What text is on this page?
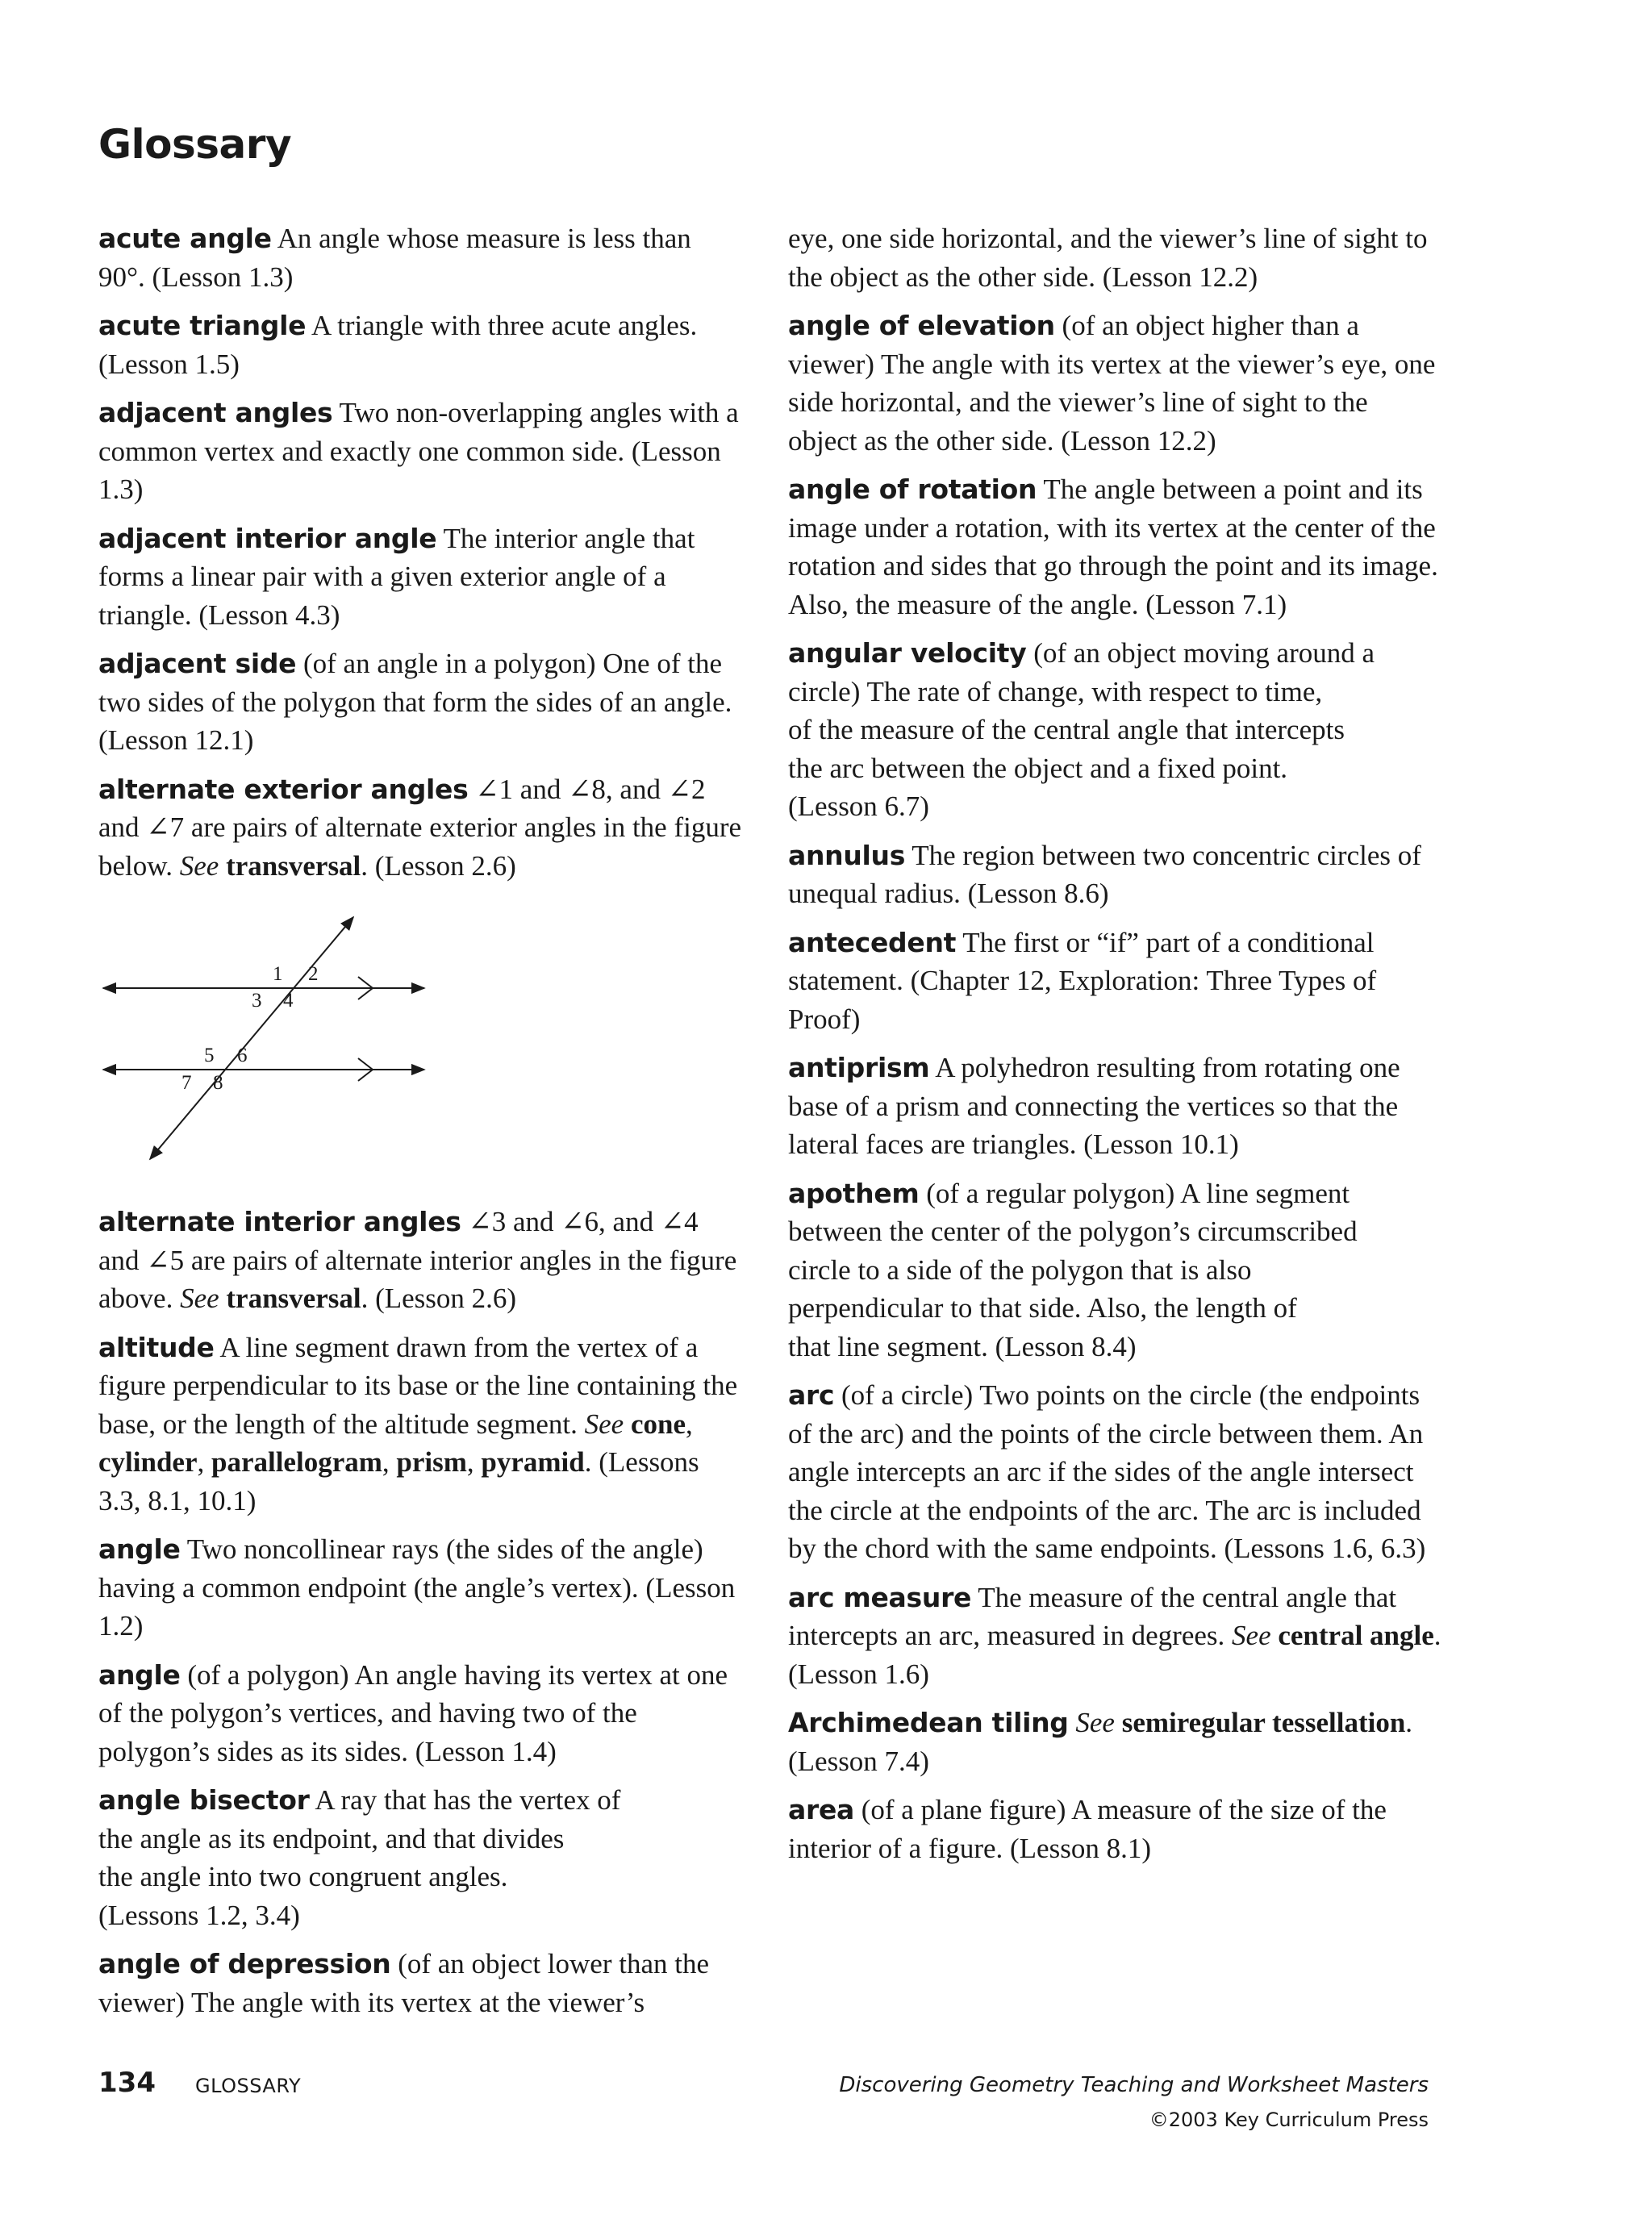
Glossary

acute angle An angle whose measure is less than 90°. (Lesson 1.3)

acute triangle A triangle with three acute angles. (Lesson 1.5)

adjacent angles Two non-overlapping angles with a common vertex and exactly one common side. (Lesson 1.3)

adjacent interior angle The interior angle that forms a linear pair with a given exterior angle of a triangle. (Lesson 4.3)

adjacent side (of an angle in a polygon) One of the two sides of the polygon that form the sides of an angle. (Lesson 12.1)

alternate exterior angles ∠1 and ∠8, and ∠2 and ∠7 are pairs of alternate exterior angles in the figure below. See transversal. (Lesson 2.6)

1 2
3 4
5 6
7 8

alternate interior angles ∠3 and ∠6, and ∠4 and ∠5 are pairs of alternate interior angles in the figure above. See transversal. (Lesson 2.6)

altitude A line segment drawn from the vertex of a figure perpendicular to its base or the line containing the base, or the length of the altitude segment. See cone, cylinder, parallelogram, prism, pyramid. (Lessons 3.3, 8.1, 10.1)

angle Two noncollinear rays (the sides of the angle) having a common endpoint (the angle’s vertex). (Lesson 1.2)

angle (of a polygon) An angle having its vertex at one of the polygon’s vertices, and having two of the polygon’s sides as its sides. (Lesson 1.4)

angle bisector A ray that has the vertex of
the angle as its endpoint, and that divides
the angle into two congruent angles.
(Lessons 1.2, 3.4)

angle of depression (of an object lower than the viewer) The angle with its vertex at the viewer’s

eye, one side horizontal, and the viewer’s line of sight to the object as the other side. (Lesson 12.2)

angle of elevation (of an object higher than a viewer) The angle with its vertex at the viewer’s eye, one side horizontal, and the viewer’s line of sight to the object as the other side. (Lesson 12.2)

angle of rotation The angle between a point and its image under a rotation, with its vertex at the center of the rotation and sides that go through the point and its image. Also, the measure of the angle. (Lesson 7.1)

angular velocity (of an object moving around a
circle) The rate of change, with respect to time,
of the measure of the central angle that intercepts
the arc between the object and a fixed point.
(Lesson 6.7)

annulus The region between two concentric circles of unequal radius. (Lesson 8.6)

antecedent The first or “if” part of a conditional statement. (Chapter 12, Exploration: Three Types of Proof)

antiprism A polyhedron resulting from rotating one base of a prism and connecting the vertices so that the lateral faces are triangles. (Lesson 10.1)

apothem (of a regular polygon) A line segment
between the center of the polygon’s circumscribed
circle to a side of the polygon that is also
perpendicular to that side. Also, the length of
that line segment. (Lesson 8.4)

arc (of a circle) Two points on the circle (the endpoints of the arc) and the points of the circle between them. An angle intercepts an arc if the sides of the angle intersect the circle at the endpoints of the arc. The arc is included by the chord with the same endpoints. (Lessons 1.6, 6.3)

arc measure The measure of the central angle that intercepts an arc, measured in degrees. See central angle. (Lesson 1.6)

Archimedean tiling See semiregular tessellation. (Lesson 7.4)

area (of a plane figure) A measure of the size of the interior of a figure. (Lesson 8.1)

134 GLOSSARY	Discovering Geometry Teaching and Worksheet Masters
©2003 Key Curriculum Press
